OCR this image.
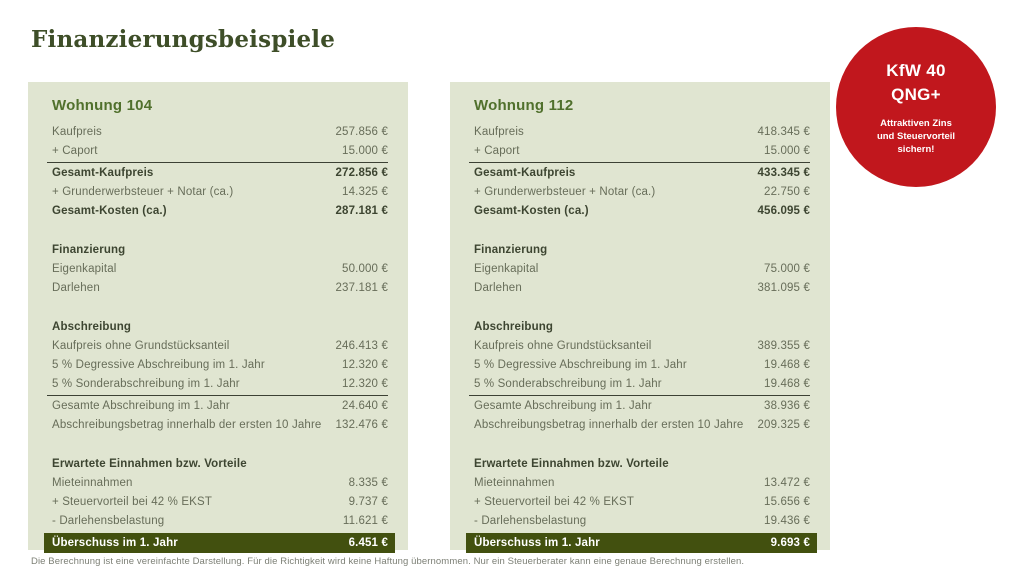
Finanzierungsbeispiele
Wohnung 104
Kaufpreis	257.856 €
+ Caport	15.000 €
Gesamt-Kaufpreis	272.856 €
+ Grunderwerbsteuer + Notar (ca.)	14.325 €
Gesamt-Kosten (ca.)	287.181 €
Finanzierung
Eigenkapital	50.000 €
Darlehen	237.181 €
Abschreibung
Kaufpreis ohne Grundstücksanteil	246.413 €
5 % Degressive Abschreibung im 1. Jahr	12.320 €
5 % Sonderabschreibung im 1. Jahr	12.320 €
Gesamte Abschreibung im 1. Jahr	24.640 €
Abschreibungsbetrag innerhalb der ersten 10 Jahre 132.476 €
Erwartete Einnahmen bzw. Vorteile
Mieteinnahmen	8.335 €
+ Steuervorteil bei 42 % EKST	9.737 €
- Darlehensbelastung	11.621 €
Überschuss im 1. Jahr	6.451 €
Wohnung 112
Kaufpreis	418.345 €
+ Caport	15.000 €
Gesamt-Kaufpreis	433.345 €
+ Grunderwerbsteuer + Notar (ca.)	22.750 €
Gesamt-Kosten (ca.)	456.095 €
Finanzierung
Eigenkapital	75.000 €
Darlehen	381.095 €
Abschreibung
Kaufpreis ohne Grundstücksanteil	389.355 €
5 % Degressive Abschreibung im 1. Jahr	19.468 €
5 % Sonderabschreibung im 1. Jahr	19.468 €
Gesamte Abschreibung im 1. Jahr	38.936 €
Abschreibungsbetrag innerhalb der ersten 10 Jahre 209.325 €
Erwartete Einnahmen bzw. Vorteile
Mieteinnahmen	13.472 €
+ Steuervorteil bei 42 % EKST	15.656 €
- Darlehensbelastung	19.436 €
Überschuss im 1. Jahr	9.693 €
KfW 40
QNG+
Attraktiven Zins
und Steuervorteil
sichern!
Die Berechnung ist eine vereinfachte Darstellung. Für die Richtigkeit wird keine Haftung übernommen. Nur ein Steuerberater kann eine genaue Berechnung erstellen.
